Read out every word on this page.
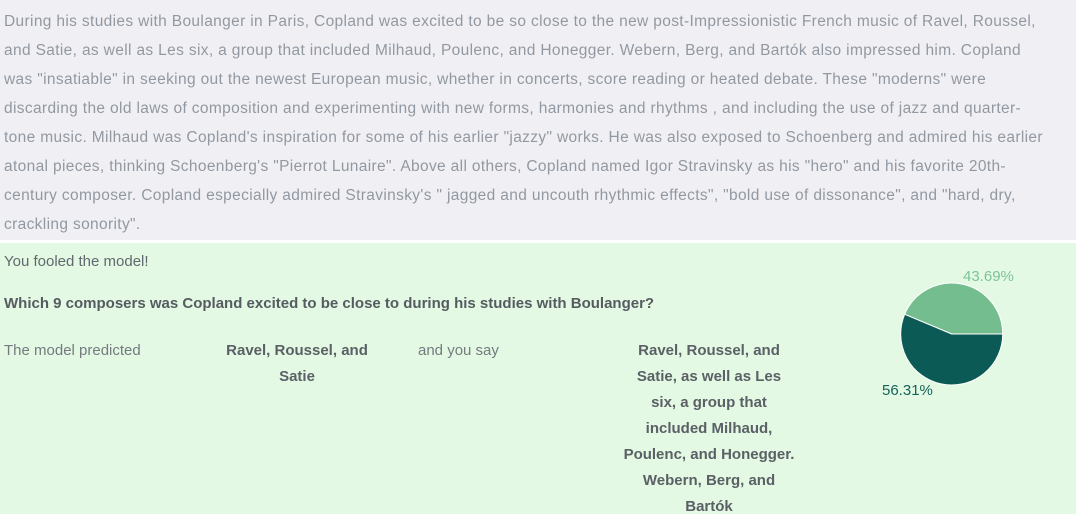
During his studies with Boulanger in Paris, Copland was excited to be so close to the new post-Impressionistic French music of Ravel, Roussel, and Satie, as well as Les six, a group that included Milhaud, Poulenc, and Honegger. Webern, Berg, and Bartók also impressed him. Copland was "insatiable" in seeking out the newest European music, whether in concerts, score reading or heated debate. These "moderns" were discarding the old laws of composition and experimenting with new forms, harmonies and rhythms , and including the use of jazz and quarter-tone music. Milhaud was Copland's inspiration for some of his earlier "jazzy" works. He was also exposed to Schoenberg and admired his earlier atonal pieces, thinking Schoenberg's "Pierrot Lunaire". Above all others, Copland named Igor Stravinsky as his "hero" and his favorite 20th-century composer. Copland especially admired Stravinsky's " jagged and uncouth rhythmic effects", "bold use of dissonance", and "hard, dry, crackling sonority".

You fooled the model!
Which 9 composers was Copland excited to be close to during his studies with Boulanger?
The model predicted	Ravel, Roussel, and Satie
and you say	Ravel, Roussel, and Satie, as well as Les six, a group that included Milhaud, Poulenc, and Honegger. Webern, Berg, and Bartók
43.69%
56.31%
